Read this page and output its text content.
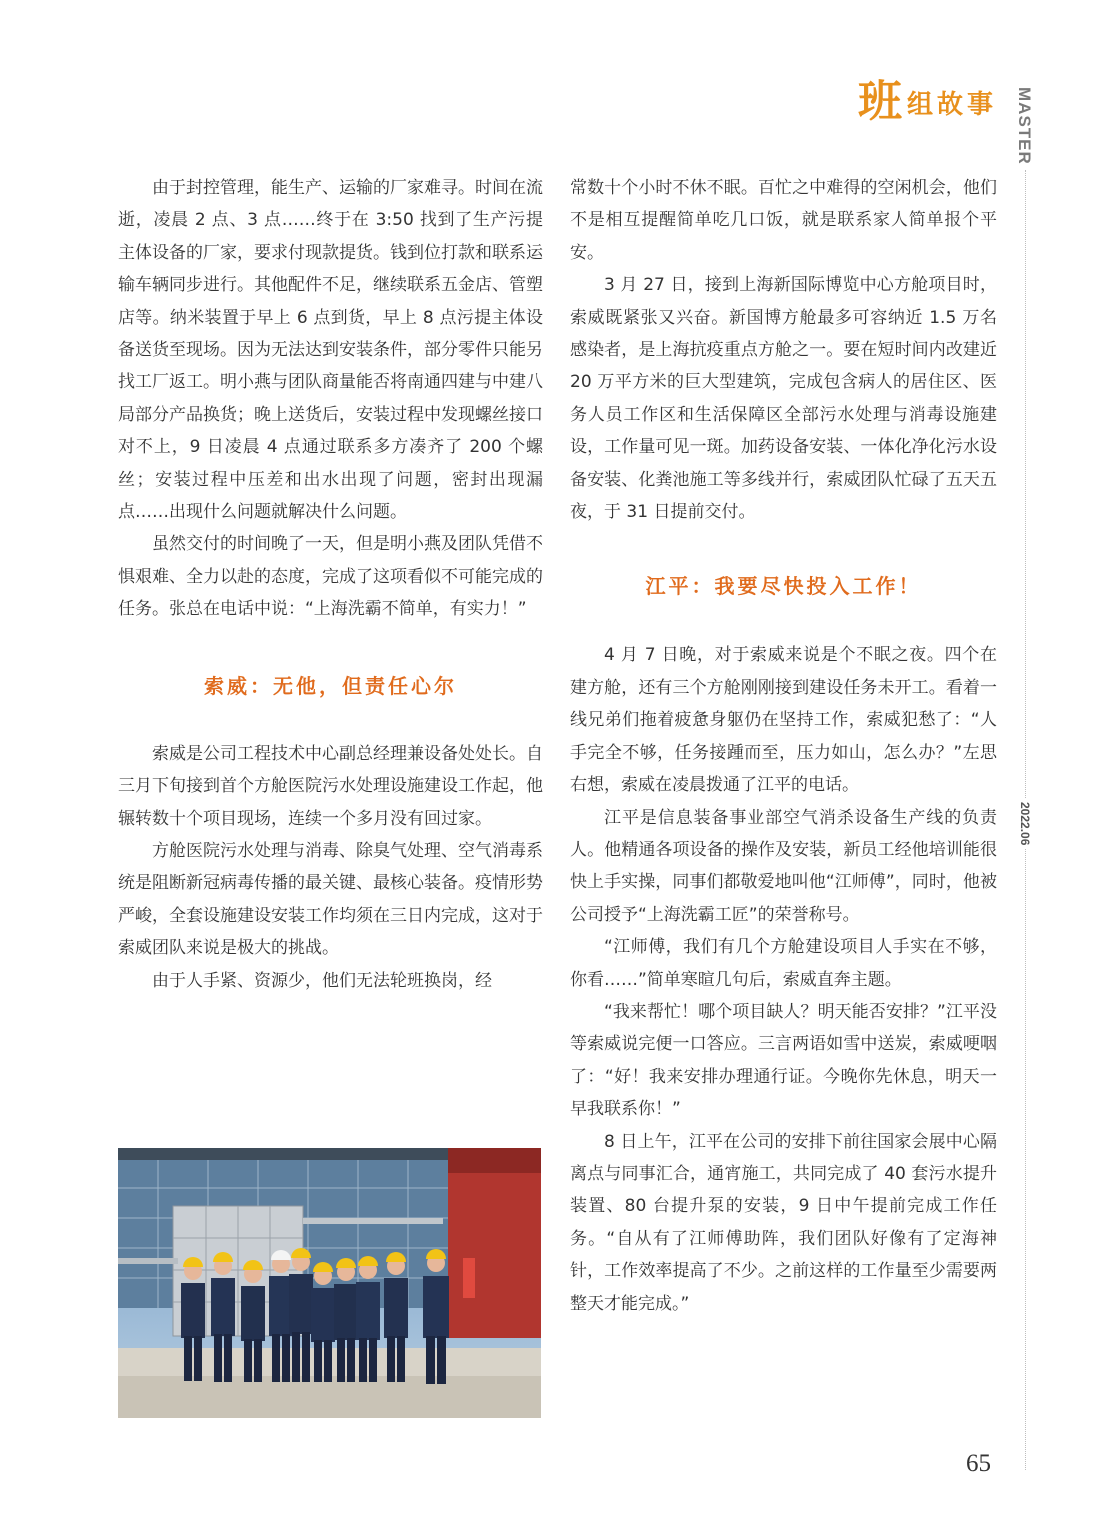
班 组故事 MASTER
2022.06

由于封控管理，能生产、运输的厂家难寻。时间在流逝，凌晨 2 点、3 点……终于在 3:50 找到了生产污提主体设备的厂家，要求付现款提货。钱到位打款和联系运输车辆同步进行。其他配件不足，继续联系五金店、管塑店等。纳米装置于早上 6 点到货，早上 8 点污提主体设备送货至现场。因为无法达到安装条件，部分零件只能另找工厂返工。明小燕与团队商量能否将南通四建与中建八局部分产品换货；晚上送货后，安装过程中发现螺丝接口对不上，9 日凌晨 4 点通过联系多方凑齐了 200 个螺丝；安装过程中压差和出水出现了问题，密封出现漏点……出现什么问题就解决什么问题。

虽然交付的时间晚了一天，但是明小燕及团队凭借不惧艰难、全力以赴的态度，完成了这项看似不可能完成的任务。张总在电话中说：“上海洗霸不简单，有实力！”

索威：无他，但责任心尔

索威是公司工程技术中心副总经理兼设备处处长。自三月下旬接到首个方舱医院污水处理设施建设工作起，他辗转数十个项目现场，连续一个多月没有回过家。

方舱医院污水处理与消毒、除臭气处理、空气消毒系统是阻断新冠病毒传播的最关键、最核心装备。疫情形势严峻，全套设施建设安装工作均须在三日内完成，这对于索威团队来说是极大的挑战。

由于人手紧、资源少，他们无法轮班换岗，经

常数十个小时不休不眠。百忙之中难得的空闲机会，他们不是相互提醒简单吃几口饭，就是联系家人简单报个平安。

3 月 27 日，接到上海新国际博览中心方舱项目时，索威既紧张又兴奋。新国博方舱最多可容纳近 1.5 万名感染者，是上海抗疫重点方舱之一。要在短时间内改建近 20 万平方米的巨大型建筑，完成包含病人的居住区、医务人员工作区和生活保障区全部污水处理与消毒设施建设，工作量可见一斑。加药设备安装、一体化净化污水设备安装、化粪池施工等多线并行，索威团队忙碌了五天五夜，于 31 日提前交付。

江平：我要尽快投入工作！

4 月 7 日晚，对于索威来说是个不眠之夜。四个在建方舱，还有三个方舱刚刚接到建设任务未开工。看着一线兄弟们拖着疲惫身躯仍在坚持工作，索威犯愁了：“人手完全不够，任务接踵而至，压力如山，怎么办？”左思右想，索威在凌晨拨通了江平的电话。

江平是信息装备事业部空气消杀设备生产线的负责人。他精通各项设备的操作及安装，新员工经他培训能很快上手实操，同事们都敬爱地叫他“江师傅”，同时，他被公司授予“上海洗霸工匠”的荣誉称号。

“江师傅，我们有几个方舱建设项目人手实在不够，你看……”简单寒暄几句后，索威直奔主题。

“我来帮忙！哪个项目缺人？明天能否安排？”江平没等索威说完便一口答应。三言两语如雪中送炭，索威哽咽了：“好！我来安排办理通行证。今晚你先休息，明天一早我联系你！”

8 日上午，江平在公司的安排下前往国家会展中心隔离点与同事汇合，通宵施工，共同完成了 40 套污水提升装置、80 台提升泵的安装，9 日中午提前完成工作任务。“自从有了江师傅助阵，我们团队好像有了定海神针，工作效率提高了不少。之前这样的工作量至少需要两整天才能完成。”

65
